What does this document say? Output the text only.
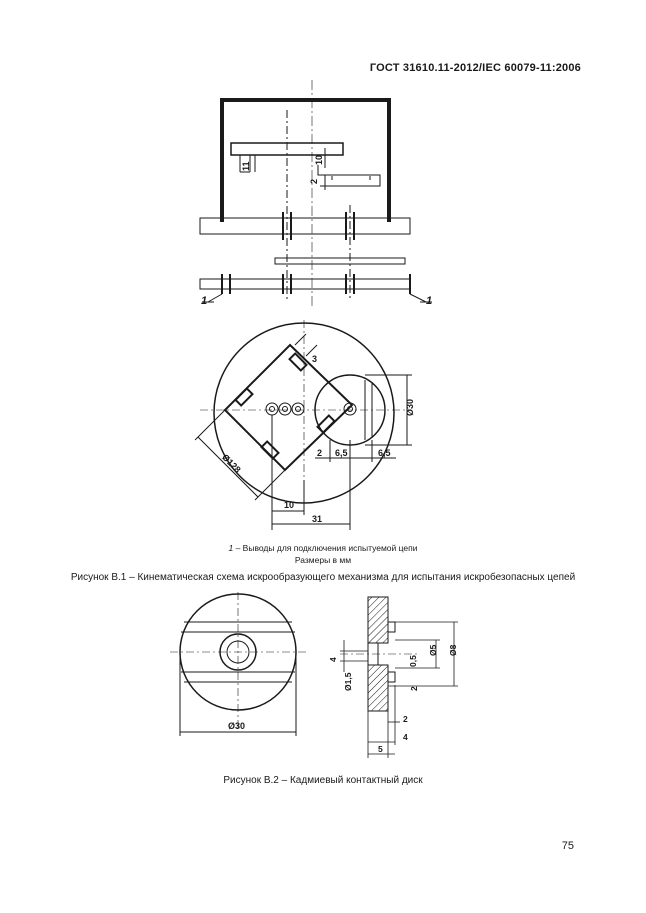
ГОСТ 31610.11-2012/IEC 60079-11:2006
11
10
2
1	1
3
Ø30
2 6,5	6,5
Ø128
10
31
Ø30
4
Ø1,5
Ø5 Ø8
0,5
2
2
4
5
1 – Выводы для подключения испытуемой цепи
Размеры в мм
Рисунок В.1 – Кинематическая схема искрообразующего механизма для испытания искробезопасных цепей
Рисунок В.2 – Кадмиевый контактный диск
75
